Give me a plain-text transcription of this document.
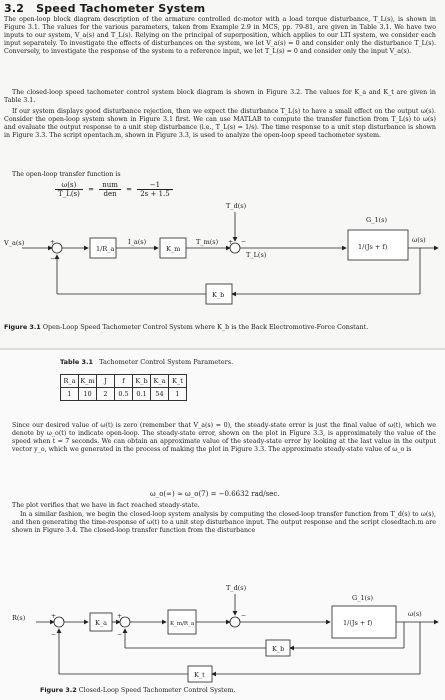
3.2 Speed Tachometer System

The open-loop block diagram description of the armature controlled dc-motor with a load torque disturbance, T_L(s), is shown in Figure 3.1. The values for the various parameters, taken from Example 2.9 in MCS, pp. 79-81, are given in Table 3.1. We have two inputs to our system, V_a(s) and T_L(s). Relying on the principal of superposition, which applies to our LTI system, we consider each input separately. To investigate the effects of disturbances on the system, we let V_a(s) = 0 and consider only the disturbance T_L(s). Conversely, to investigate the response of the system to a reference input, we let T_L(s) = 0 and consider only the input V_a(s).

The closed-loop speed tachometer control system block diagram is shown in Figure 3.2. The values for K_a and K_t are given in Table 3.1.

If our system displays good disturbance rejection, then we expect the disturbance T_L(s) to have a small effect on the output ω(s). Consider the open-loop system shown in Figure 3.1 first. We can use MATLAB to compute the transfer function from T_L(s) to ω(s) and evaluate the output response to a unit step disturbance (i.e., T_L(s) = 1/s). The time response to a unit step disturbance is shown in Figure 3.3. The script opentach.m, shown in Figure 3.3, is used to analyze the open-loop speed tachometer system.

The open-loop transfer function is

$\frac{\omega(s)}{T\_L(s)} = \frac{\text{num}}{\text{den}} = \frac{-1}{2s + 1.5}$
V_a(s)
1/R_a
I_a(s)
K_m
T_m(s)
T_L(s)
T_d(s)
G_1(s)
1/(Js + f)
ω(s)
K_b
+
−
−
+
Figure 3.1 Open-Loop Speed Tachometer Control System where K_b is the Back Electromotive-Force Constant.
Table 3.1 Tachometer Control System Parameters.
R_a	K_m	J	f	K_b	K_a	K_t
1	10	2	0.5	0.1	54	1

Since our desired value of ω(t) is zero (remember that V_a(s) = 0), the steady-state error is just the final value of ω(t), which we denote by ω_o(t) to indicate open-loop. The steady-state error, shown on the plot in Figure 3.3, is approximately the value of the speed when t = 7 seconds. We can obtain an approximate value of the steady-state error by looking at the last value in the output vector y_o, which we generated in the process of making the plot in Figure 3.3. The approximate steady-state value of ω_o is

ω_o(∞) ≈ ω_o(7) = −0.6632 rad/sec.

The plot verifies that we have in fact reached steady-state.

In a similar fashion, we begin the closed-loop system analysis by computing the closed-loop transfer function from T_d(s) to ω(s), and then generating the time-response of ω(t) to a unit step disturbance input. The output response and the script closedtach.m are shown in Figure 3.4. The closed-loop transfer function from the disturbance

R(s)
K_a	K_m/R_a
T_d(s)
G_1(s)
1/(Js + f)
ω(s)
K_b
K_t
+
−
+
−
−
Figure 3.2 Closed-Loop Speed Tachometer Control System.
